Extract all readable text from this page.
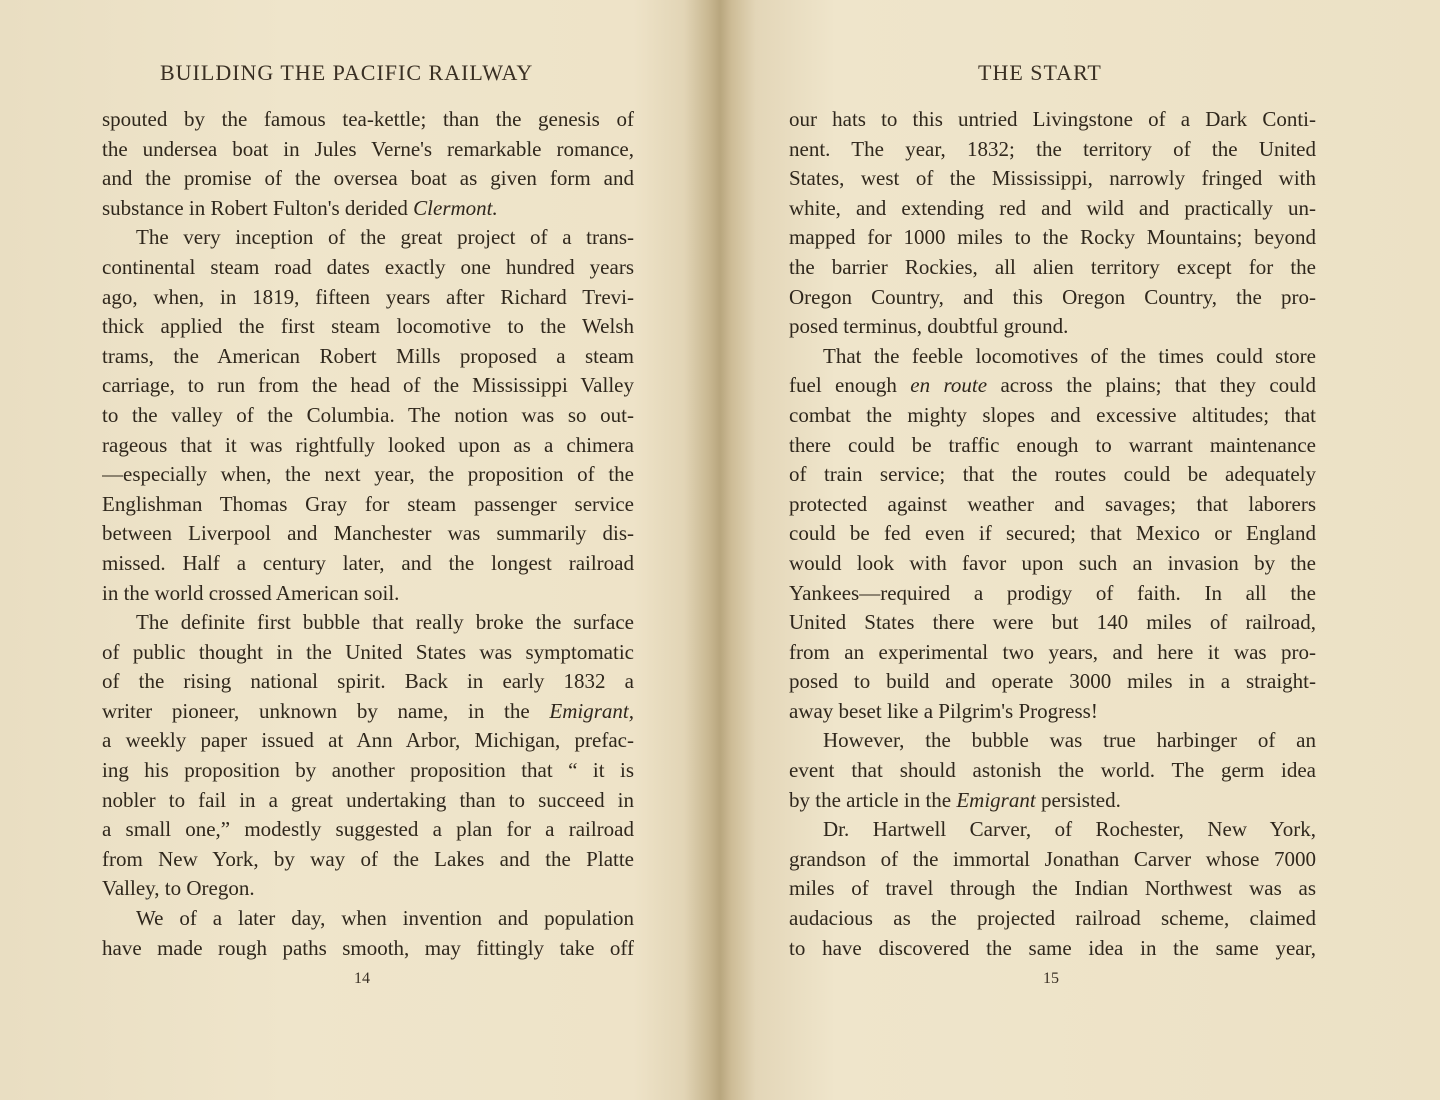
BUILDING THE PACIFIC RAILWAY
spouted by the famous tea-kettle; than the genesis of
the undersea boat in Jules Verne's remarkable romance,
and the promise of the oversea boat as given form and
substance in Robert Fulton's derided Clermont.
The very inception of the great project of a trans-
continental steam road dates exactly one hundred years
ago, when, in 1819, fifteen years after Richard Trevi-
thick applied the first steam locomotive to the Welsh
trams, the American Robert Mills proposed a steam
carriage, to run from the head of the Mississippi Valley
to the valley of the Columbia. The notion was so out-
rageous that it was rightfully looked upon as a chimera
—especially when, the next year, the proposition of the
Englishman Thomas Gray for steam passenger service
between Liverpool and Manchester was summarily dis-
missed. Half a century later, and the longest railroad
in the world crossed American soil.
The definite first bubble that really broke the surface
of public thought in the United States was symptomatic
of the rising national spirit. Back in early 1832 a
writer pioneer, unknown by name, in the Emigrant,
a weekly paper issued at Ann Arbor, Michigan, prefac-
ing his proposition by another proposition that “ it is
nobler to fail in a great undertaking than to succeed in
a small one,” modestly suggested a plan for a railroad
from New York, by way of the Lakes and the Platte
Valley, to Oregon.
We of a later day, when invention and population
have made rough paths smooth, may fittingly take off
14
THE START
our hats to this untried Livingstone of a Dark Conti-
nent. The year, 1832; the territory of the United
States, west of the Mississippi, narrowly fringed with
white, and extending red and wild and practically un-
mapped for 1000 miles to the Rocky Mountains; beyond
the barrier Rockies, all alien territory except for the
Oregon Country, and this Oregon Country, the pro-
posed terminus, doubtful ground.
That the feeble locomotives of the times could store
fuel enough en route across the plains; that they could
combat the mighty slopes and excessive altitudes; that
there could be traffic enough to warrant maintenance
of train service; that the routes could be adequately
protected against weather and savages; that laborers
could be fed even if secured; that Mexico or England
would look with favor upon such an invasion by the
Yankees—required a prodigy of faith. In all the
United States there were but 140 miles of railroad,
from an experimental two years, and here it was pro-
posed to build and operate 3000 miles in a straight-
away beset like a Pilgrim's Progress!
However, the bubble was true harbinger of an
event that should astonish the world. The germ idea
by the article in the Emigrant persisted.
Dr. Hartwell Carver, of Rochester, New York,
grandson of the immortal Jonathan Carver whose 7000
miles of travel through the Indian Northwest was as
audacious as the projected railroad scheme, claimed
to have discovered the same idea in the same year,
15
